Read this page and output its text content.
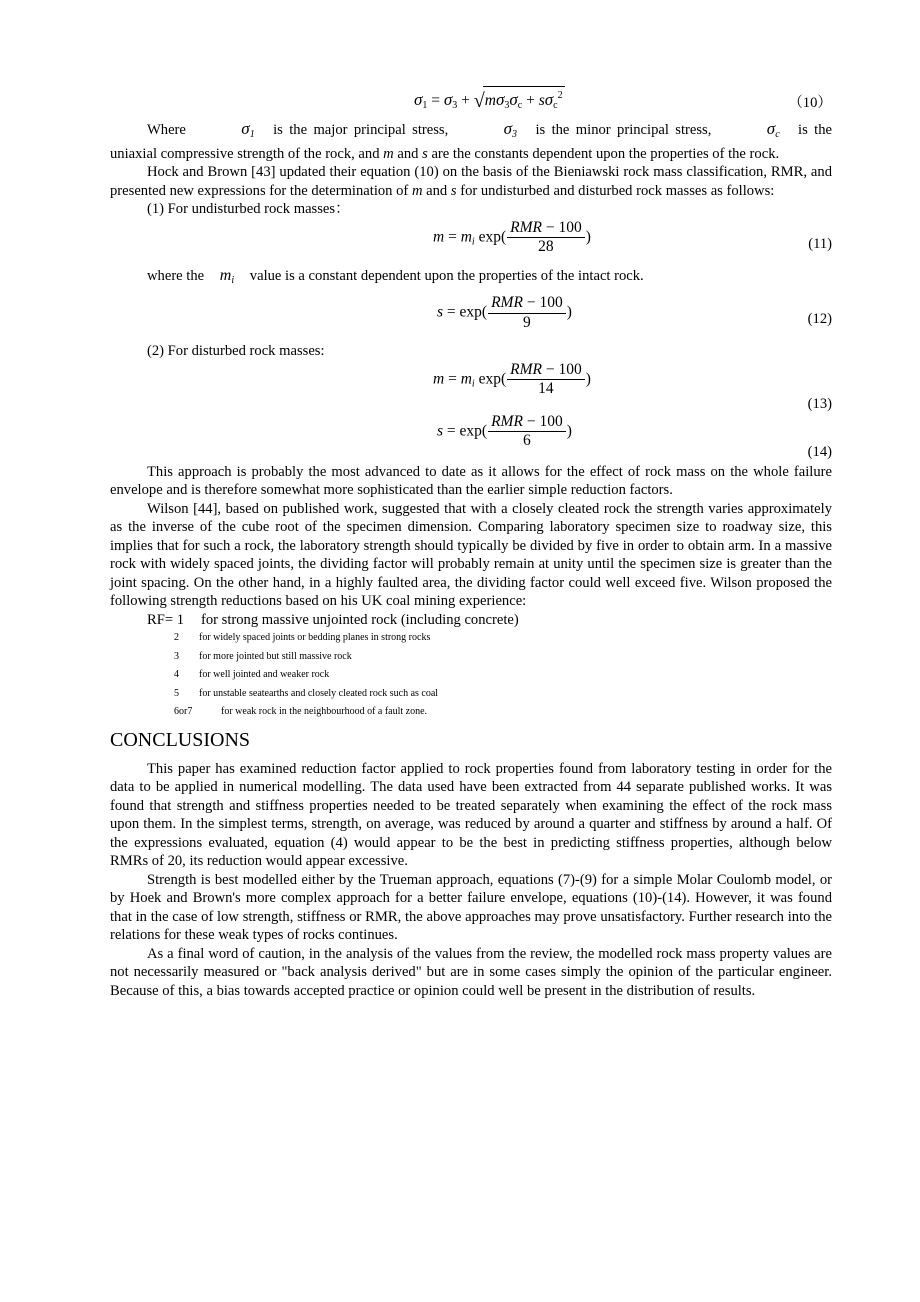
$\sigma_1 = \sigma_3 + √m\sigma_3\sigma_c + s\sigma_c^2$	（10）

Where	$\sigma_1$ is the major principal stress,	$\sigma_3$ is the minor principal stress,	$\sigma_c$ is the uniaxial compressive strength of the rock, and m and s are the constants dependent upon the properties of the rock.

Hock and Brown [43] updated their equation (10) on the basis of the Bieniawski rock mass classification, RMR, and presented new expressions for the determination of m and s for undisturbed and disturbed rock masses as follows:

(1) For undisturbed rock masses：

$m = m_i$ $\exp( \frac{\text{RMR − 100}}{28}$ )	(11)

where the $m_i$ value is a constant dependent upon the properties of the intact rock.

$s = \exp( \frac{\text{RMR − 100}}{9}$ )	(12)

(2) For disturbed rock masses:

$m = m_i$ $\exp( \frac{\text{RMR − 100}}{14}$ )
(13)
$s = \exp( \frac{\text{RMR − 100}}{6}$ )
(14)

This approach is probably the most advanced to date as it allows for the effect of rock mass on the whole failure envelope and is therefore somewhat more sophisticated than the earlier simple reduction factors.

Wilson [44], based on published work, suggested that with a closely cleated rock the strength varies approximately as the inverse of the cube root of the specimen dimension. Comparing laboratory specimen size to roadway size, this implies that for such a rock, the laboratory strength should typically be divided by five in order to obtain arm. In a massive rock with widely spaced joints, the dividing factor will probably remain at unity until the specimen size is greater than the joint spacing. On the other hand, in a highly faulted area, the dividing factor could well exceed five. Wilson proposed the following strength reductions based on his UK coal mining experience:

RF= 1	for strong massive unjointed rock (including concrete)
2	for widely spaced joints or bedding planes in strong rocks
3	for more jointed but still massive rock
4	for well jointed and weaker rock
5	for unstable seatearths and closely cleated rock such as coal
6or7	for weak rock in the neighbourhood of a fault zone.
CONCLUSIONS

This paper has examined reduction factor applied to rock properties found from laboratory testing in order for the data to be applied in numerical modelling. The data used have been extracted from 44 separate published works. It was found that strength and stiffness properties needed to be treated separately when examining the effect of the rock mass upon them. In the simplest terms, strength, on average, was reduced by around a quarter and stiffness by around a half. Of the expressions evaluated, equation (4) would appear to be the best in predicting stiffness properties, although below RMRs of 20, its reduction would appear excessive.

Strength is best modelled either by the Trueman approach, equations (7)-(9) for a simple Molar Coulomb model, or by Hoek and Brown's more complex approach for a better failure envelope, equations (10)-(14). However, it was found that in the case of low strength, stiffness or RMR, the above approaches may prove unsatisfactory. Further research into the relations for these weak types of rocks continues.

As a final word of caution, in the analysis of the values from the review, the modelled rock mass property values are not necessarily measured or "back analysis derived" but are in some cases simply the opinion of the particular engineer. Because of this, a bias towards accepted practice or opinion could well be present in the distribution of results.
